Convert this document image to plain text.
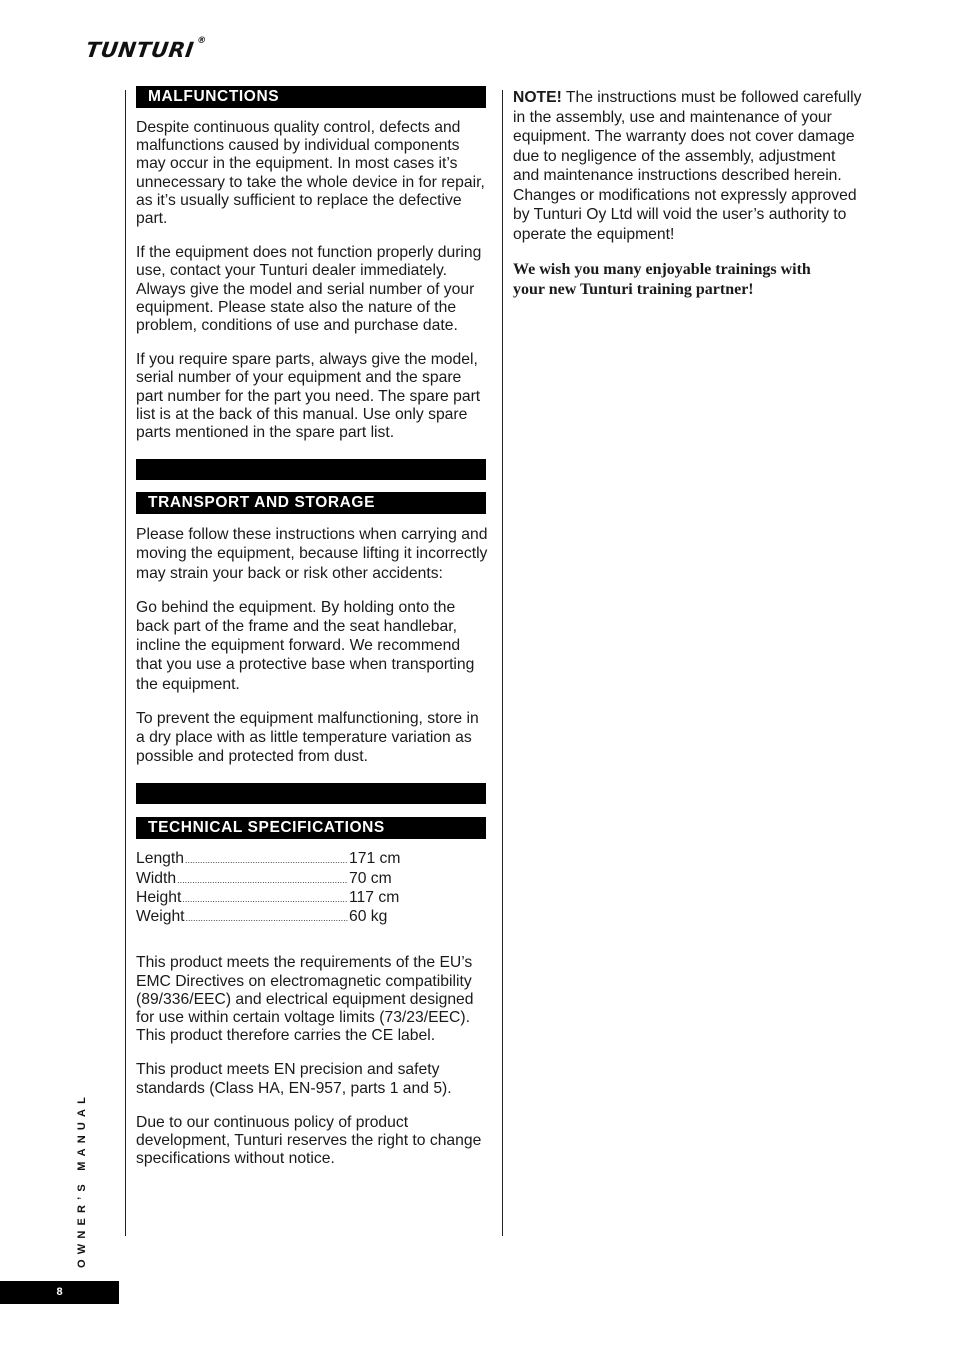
TUNTURI®
MALFUNCTIONS

Despite continuous quality control, defects and malfunctions caused by individual components may occur in the equipment. In most cases it’s unnecessary to take the whole device in for repair, as it’s usually sufficient to replace the defective part.

If the equipment does not function properly during use, contact your Tunturi dealer immediately. Always give the model and serial number of your equipment. Please state also the nature of the problem, conditions of use and purchase date.

If you require spare parts, always give the model, serial number of your equipment and the spare part number for the part you need. The spare part list is at the back of this manual. Use only spare parts mentioned in the spare part list.

TRANSPORT AND STORAGE

Please follow these instructions when carrying and moving the equipment, because lifting it incorrectly may strain your back or risk other accidents:

Go behind the equipment. By holding onto the back part of the frame and the seat handlebar, incline the equipment forward. We recommend that you use a protective base when transporting the equipment.

To prevent the equipment malfunctioning, store in a dry place with as little temperature variation as possible and protected from dust.

TECHNICAL SPECIFICATIONS
Length .....	171 cm
Width .....	70 cm
Height .....	117 cm
Weight .....	60 kg

This product meets the requirements of the EU’s EMC Directives on electromagnetic compatibility (89/336/EEC) and electrical equipment designed for use within certain voltage limits (73/23/EEC). This product therefore carries the CE label.

This product meets EN precision and safety standards (Class HA, EN-957, parts 1 and 5).

Due to our continuous policy of product development, Tunturi reserves the right to change specifications without notice.

NOTE! The instructions must be followed carefully in the assembly, use and maintenance of your equipment. The warranty does not cover damage due to negligence of the assembly, adjustment and maintenance instructions described herein. Changes or modifications not expressly approved by Tunturi Oy Ltd will void the user’s authority to operate the equipment!

We wish you many enjoyable trainings with your new Tunturi training partner!

OWNER’S MANUAL
8
